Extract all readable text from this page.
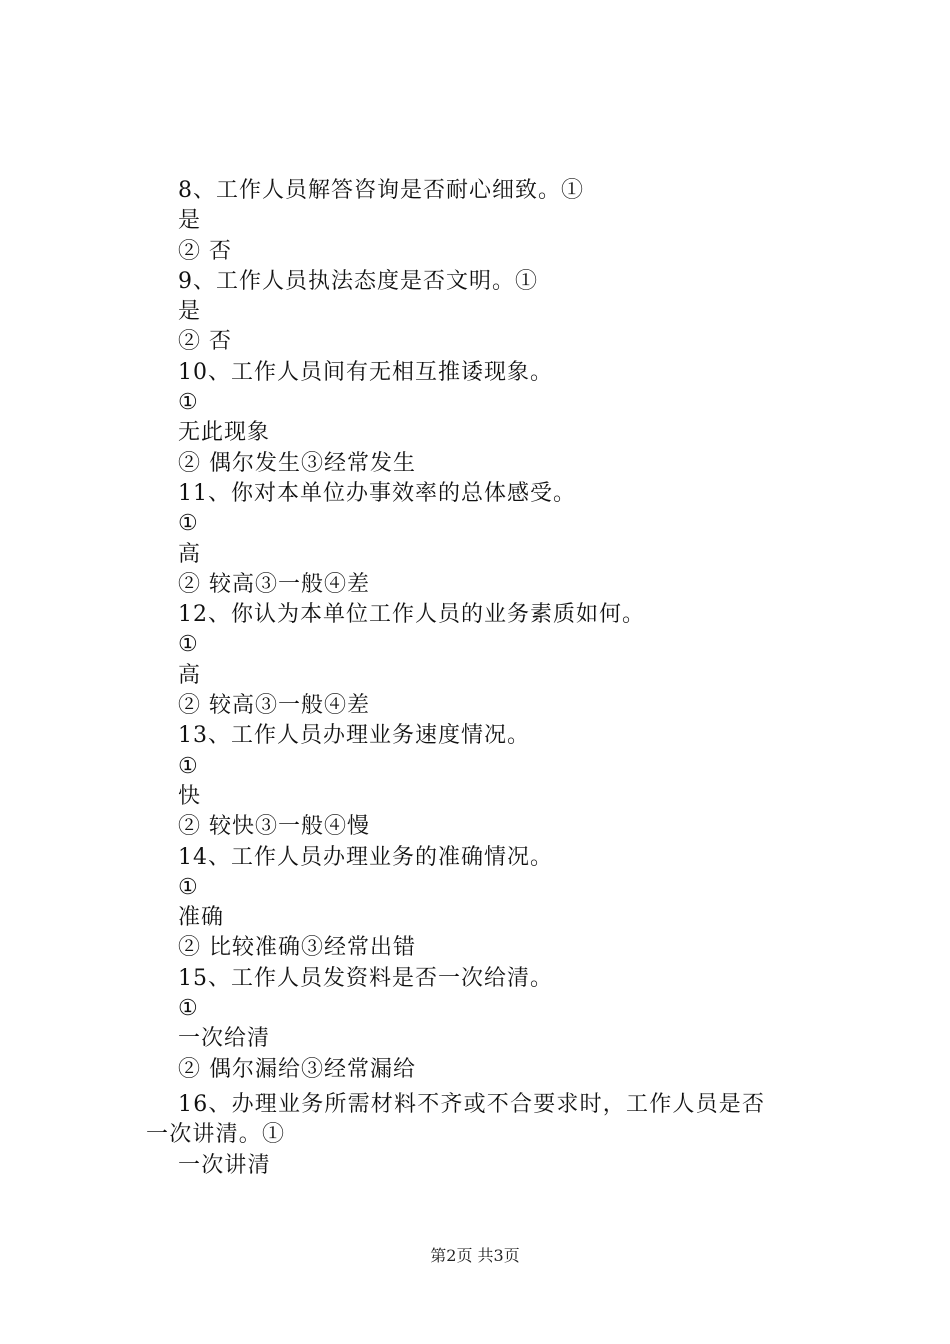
8、工作人员解答咨询是否耐心细致。①
是
② 否
9、工作人员执法态度是否文明。①
是
② 否
10、工作人员间有无相互推诿现象。
①
无此现象
② 偶尔发生③经常发生
11、你对本单位办事效率的总体感受。
①
高
② 较高③一般④差
12、你认为本单位工作人员的业务素质如何。
①
高
② 较高③一般④差
13、工作人员办理业务速度情况。
①
快
② 较快③一般④慢
14、工作人员办理业务的准确情况。
①
准确
② 比较准确③经常出错
15、工作人员发资料是否一次给清。
①
一次给清
② 偶尔漏给③经常漏给
16、办理业务所需材料不齐或不合要求时，工作人员是否
一次讲清。①
一次讲清
第2页 共3页
